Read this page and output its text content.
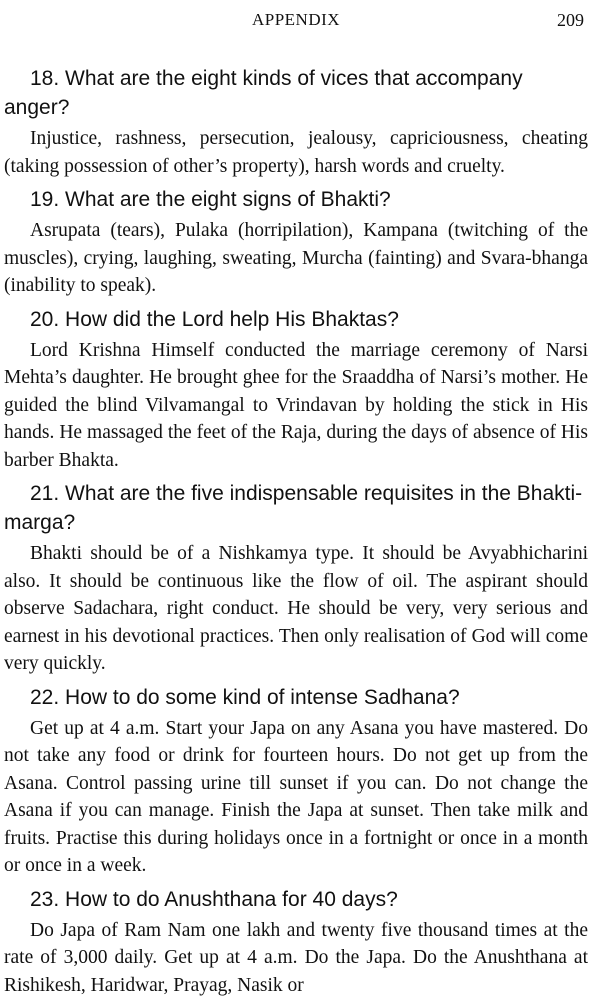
APPENDIX	209

18. What are the eight kinds of vices that accompany anger?

Injustice, rashness, persecution, jealousy, capriciousness, cheating (taking possession of other’s property), harsh words and cruelty.

19. What are the eight signs of Bhakti?

Asrupata (tears), Pulaka (horripilation), Kampana (twitching of the muscles), crying, laughing, sweating, Murcha (fainting) and Svara-bhanga (inability to speak).

20. How did the Lord help His Bhaktas?

Lord Krishna Himself conducted the marriage ceremony of Narsi Mehta’s daughter. He brought ghee for the Sraaddha of Narsi’s mother. He guided the blind Vilvamangal to Vrindavan by holding the stick in His hands. He massaged the feet of the Raja, during the days of absence of His barber Bhakta.

21. What are the five indispensable requisites in the Bhakti-marga?

Bhakti should be of a Nishkamya type. It should be Avyabhicharini also. It should be continuous like the flow of oil. The aspirant should observe Sadachara, right conduct. He should be very, very serious and earnest in his devotional practices. Then only realisation of God will come very quickly.

22. How to do some kind of intense Sadhana?

Get up at 4 a.m. Start your Japa on any Asana you have mastered. Do not take any food or drink for fourteen hours. Do not get up from the Asana. Control passing urine till sunset if you can. Do not change the Asana if you can manage. Finish the Japa at sunset. Then take milk and fruits. Practise this during holidays once in a fortnight or once in a month or once in a week.

23. How to do Anushthana for 40 days?

Do Japa of Ram Nam one lakh and twenty five thousand times at the rate of 3,000 daily. Get up at 4 a.m. Do the Japa. Do the Anushthana at Rishikesh, Haridwar, Prayag, Nasik or
